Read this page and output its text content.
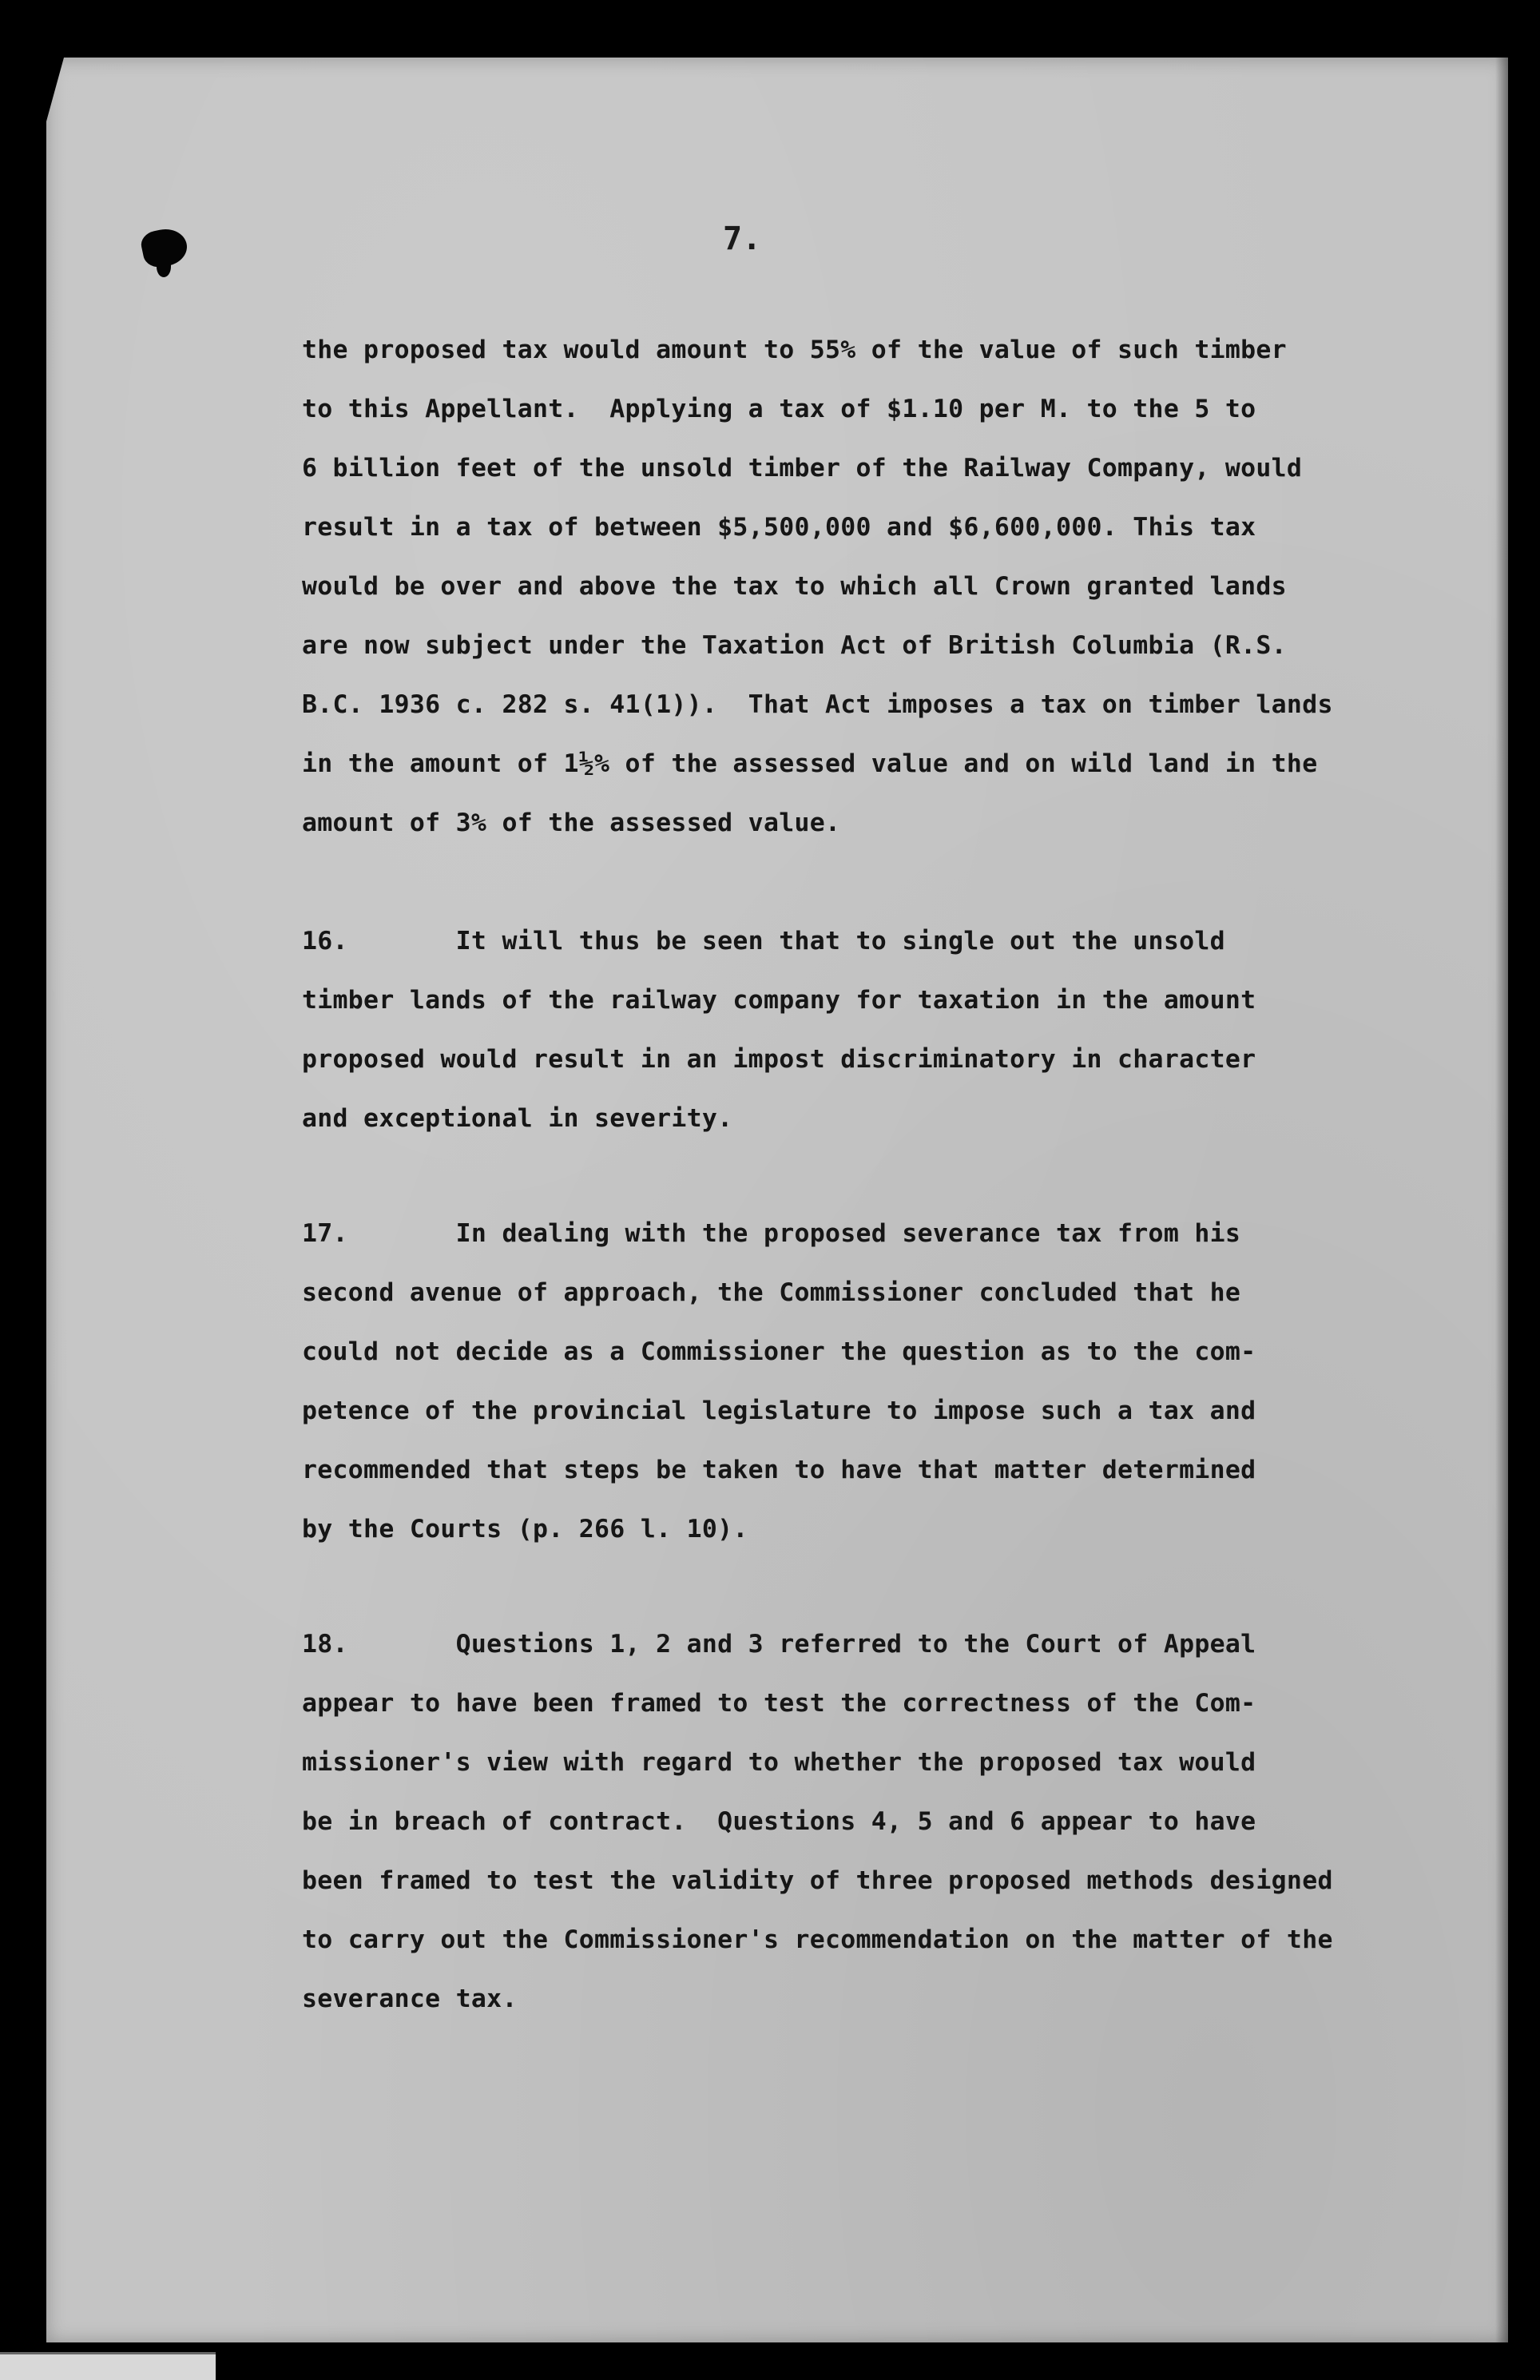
7.
the proposed tax would amount to 55% of the value of such timber
to this Appellant.  Applying a tax of $1.10 per M. to the 5 to
6 billion feet of the unsold timber of the Railway Company, would
result in a tax of between $5,500,000 and $6,600,000. This tax
would be over and above the tax to which all Crown granted lands
are now subject under the Taxation Act of British Columbia (R.S.
B.C. 1936 c. 282 s. 41(1)).  That Act imposes a tax on timber lands
in the amount of 1½% of the assessed value and on wild land in the
amount of 3% of the assessed value.
16.       It will thus be seen that to single out the unsold
timber lands of the railway company for taxation in the amount
proposed would result in an impost discriminatory in character
and exceptional in severity.
17.       In dealing with the proposed severance tax from his
second avenue of approach, the Commissioner concluded that he
could not decide as a Commissioner the question as to the com-
petence of the provincial legislature to impose such a tax and
recommended that steps be taken to have that matter determined
by the Courts (p. 266 l. 10).
18.       Questions 1, 2 and 3 referred to the Court of Appeal
appear to have been framed to test the correctness of the Com-
missioner's view with regard to whether the proposed tax would
be in breach of contract.  Questions 4, 5 and 6 appear to have
been framed to test the validity of three proposed methods designed
to carry out the Commissioner's recommendation on the matter of the
severance tax.
